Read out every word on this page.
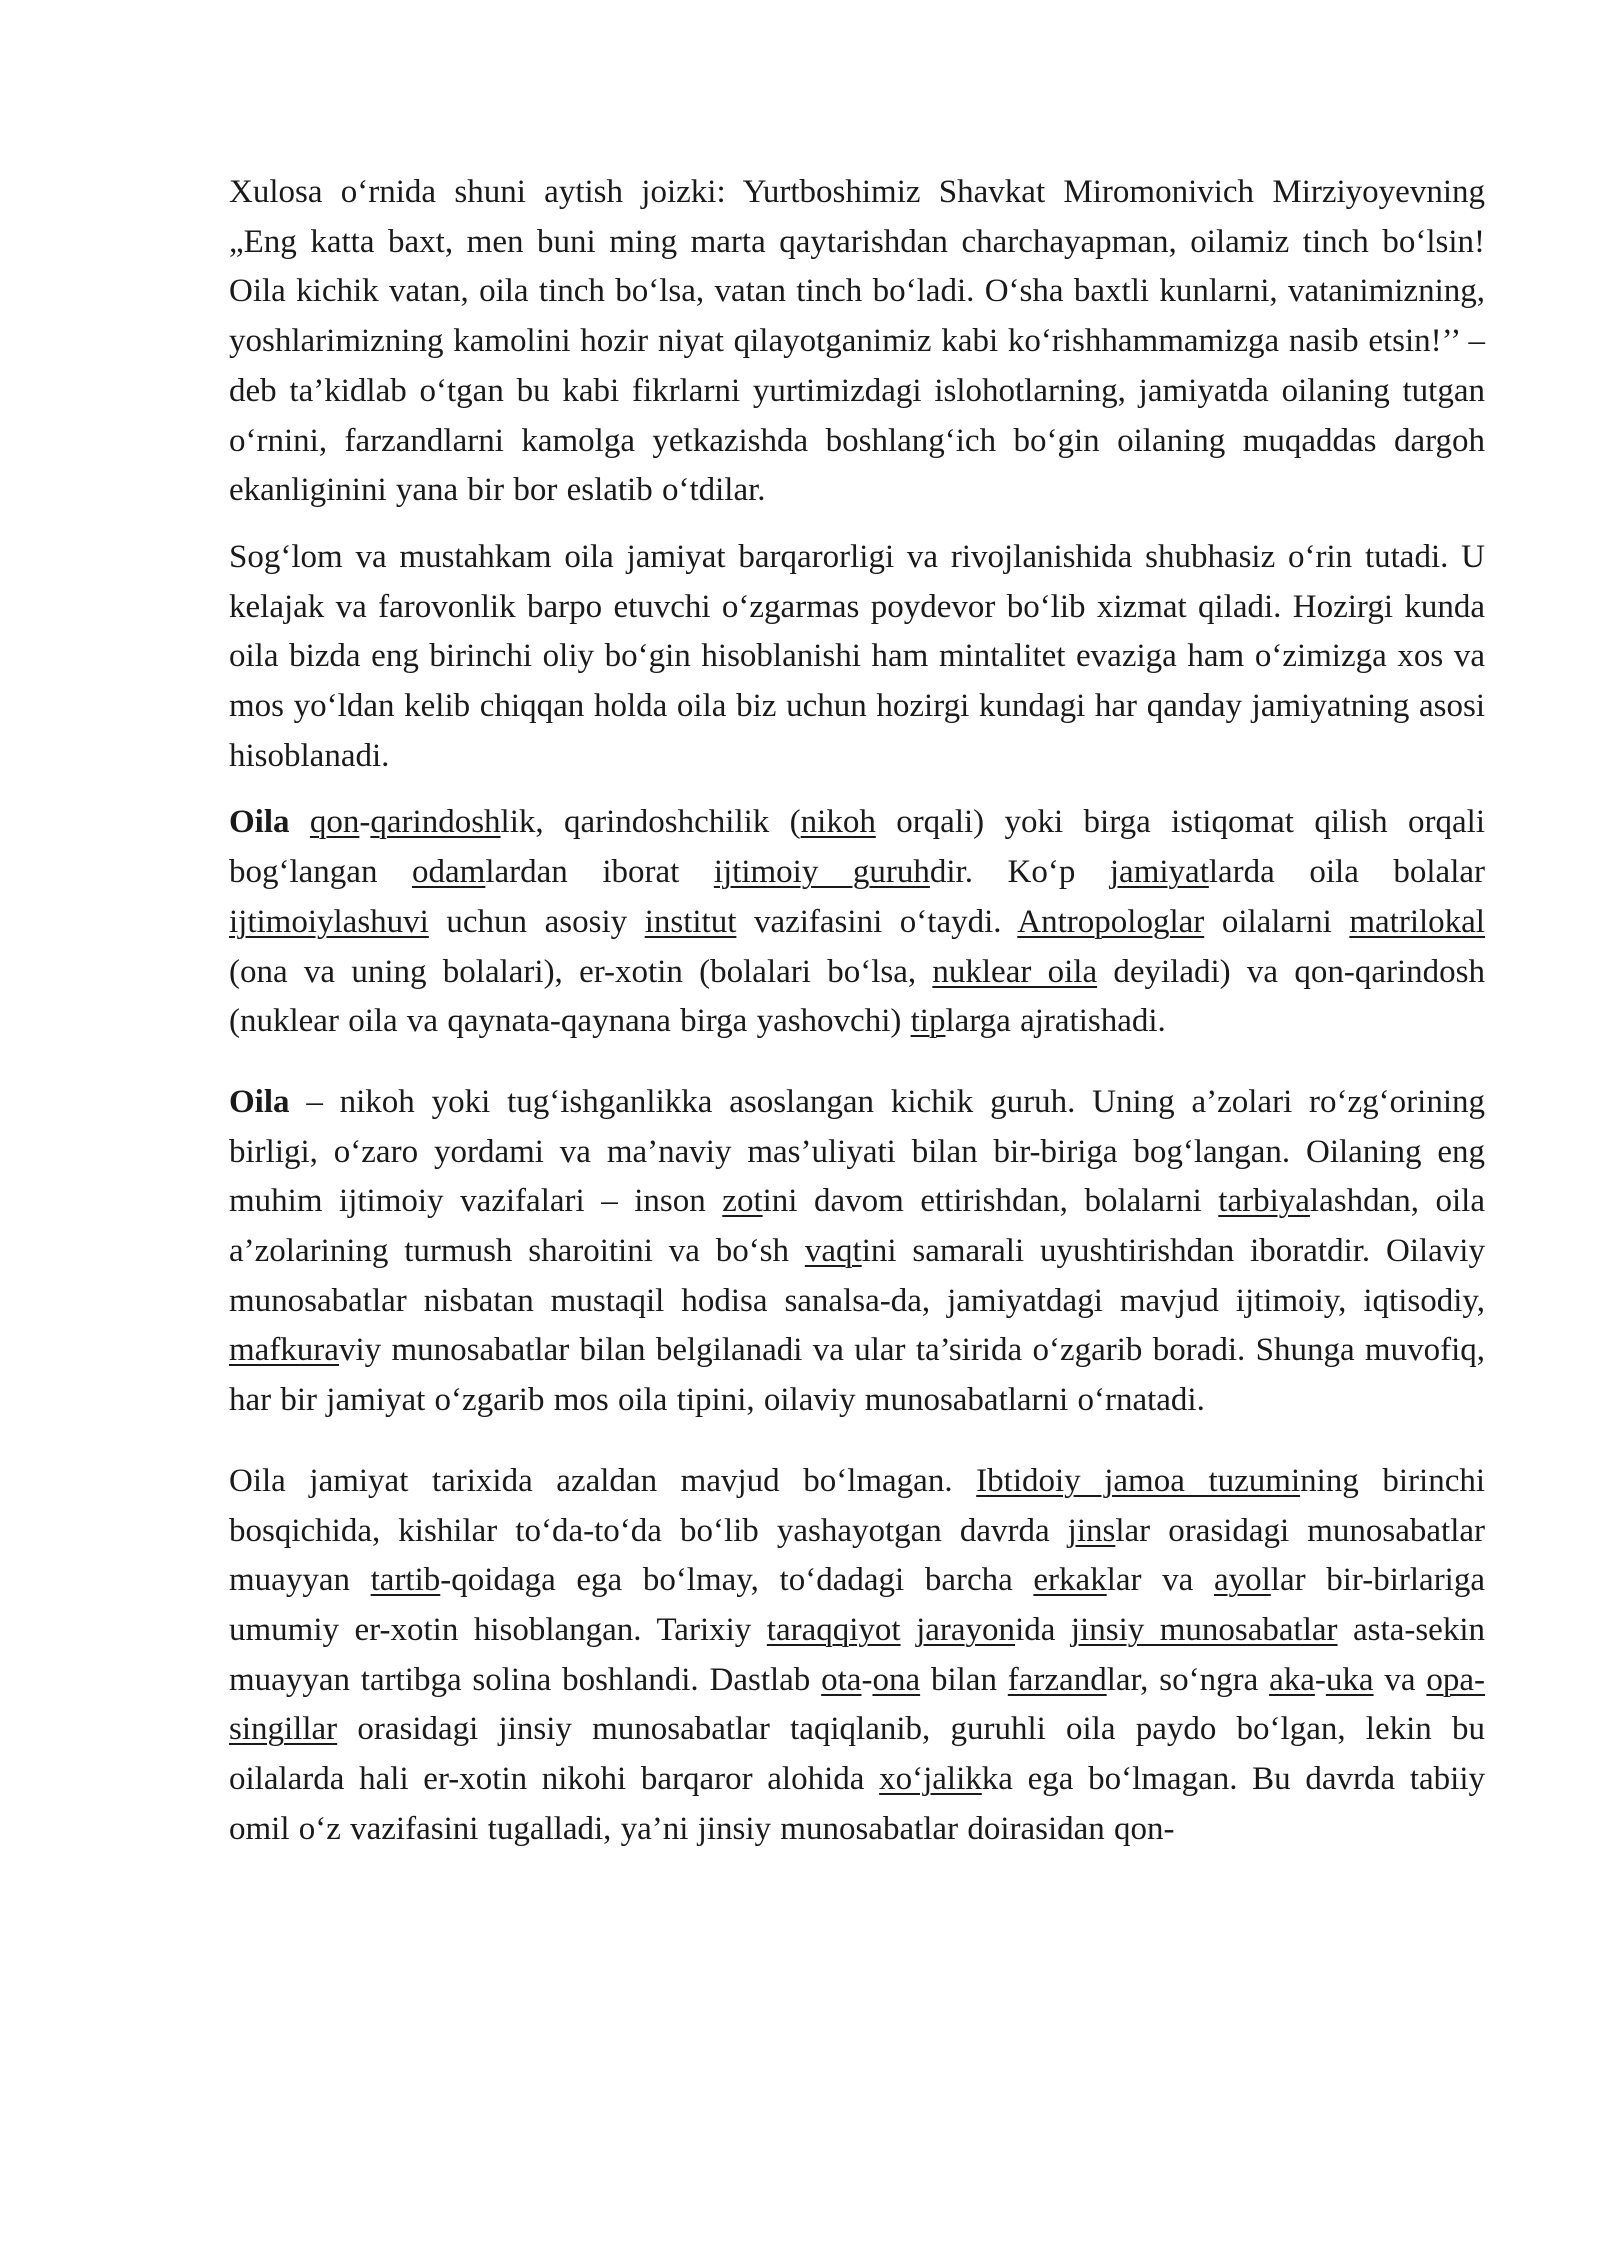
Xulosa o‘rnida shuni aytish joizki: Yurtboshimiz Shavkat Miromonivich Mirziyoyevning „Eng katta baxt, men buni ming marta qaytarishdan charchayapman, oilamiz tinch bo‘lsin! Oila kichik vatan, oila tinch bo‘lsa, vatan tinch bo‘ladi. O‘sha baxtli kunlarni, vatanimizning, yoshlarimizning kamolini hozir niyat qilayotganimiz kabi ko‘rishhammamizga nasib etsin!’’ – deb ta’kidlab o‘tgan bu kabi fikrlarni yurtimizdagi islohotlarning, jamiyatda oilaning tutgan o‘rnini, farzandlarni kamolga yetkazishda boshlang‘ich bo‘gin oilaning muqaddas dargoh ekanliginini yana bir bor eslatib o‘tdilar.

Sog‘lom va mustahkam oila jamiyat barqarorligi va rivojlanishida shubhasiz o‘rin tutadi. U kelajak va farovonlik barpo etuvchi o‘zgarmas poydevor bo‘lib xizmat qiladi. Hozirgi kunda oila bizda eng birinchi oliy bo‘gin hisoblanishi ham mintalitet evaziga ham o‘zimizga xos va mos yo‘ldan kelib chiqqan holda oila biz uchun hozirgi kundagi har qanday jamiyatning asosi hisoblanadi.

Oila qon-qarindoshlik, qarindoshchilik (nikoh orqali) yoki birga istiqomat qilish orqali bog‘langan odamlardan iborat ijtimoiy guruhdir. Ko‘p jamiyatlarda oila bolalar ijtimoiylashuvi uchun asosiy institut vazifasini o‘taydi. Antropologlar oilalarni matrilokal (ona va uning bolalari), er-xotin (bolalari bo‘lsa, nuklear oila deyiladi) va qon-qarindosh (nuklear oila va qaynata-qaynana birga yashovchi) tiplarga ajratishadi.

Oila – nikoh yoki tug‘ishganlikka asoslangan kichik guruh. Uning a’zolari ro‘zg‘orining birligi, o‘zaro yordami va ma’naviy mas’uliyati bilan bir-biriga bog‘langan. Oilaning eng muhim ijtimoiy vazifalari – inson zotini davom ettirishdan, bolalarni tarbiyalashdan, oila a’zolarining turmush sharoitini va bo‘sh vaqtini samarali uyushtirishdan iboratdir. Oilaviy munosabatlar nisbatan mustaqil hodisa sanalsa-da, jamiyatdagi mavjud ijtimoiy, iqtisodiy, mafkuraviy munosabatlar bilan belgilanadi va ular ta’sirida o‘zgarib boradi. Shunga muvofiq, har bir jamiyat o‘zgarib mos oila tipini, oilaviy munosabatlarni o‘rnatadi.

Oila jamiyat tarixida azaldan mavjud bo‘lmagan. Ibtidoiy jamoa tuzumining birinchi bosqichida, kishilar to‘da-to‘da bo‘lib yashayotgan davrda jinslar orasidagi munosabatlar muayyan tartib-qoidaga ega bo‘lmay, to‘dadagi barcha erkaklar va ayollar bir-birlariga umumiy er-xotin hisoblangan. Tarixiy taraqqiyot jarayonida jinsiy munosabatlar asta-sekin muayyan tartibga solina boshlandi. Dastlab ota-ona bilan farzandlar, so‘ngra aka-uka va opa-singillar orasidagi jinsiy munosabatlar taqiqlanib, guruhli oila paydo bo‘lgan, lekin bu oilalarda hali er-xotin nikohi barqaror alohida xo‘jalikka ega bo‘lmagan. Bu davrda tabiiy omil o‘z vazifasini tugalladi, ya’ni jinsiy munosabatlar doirasidan qon-
